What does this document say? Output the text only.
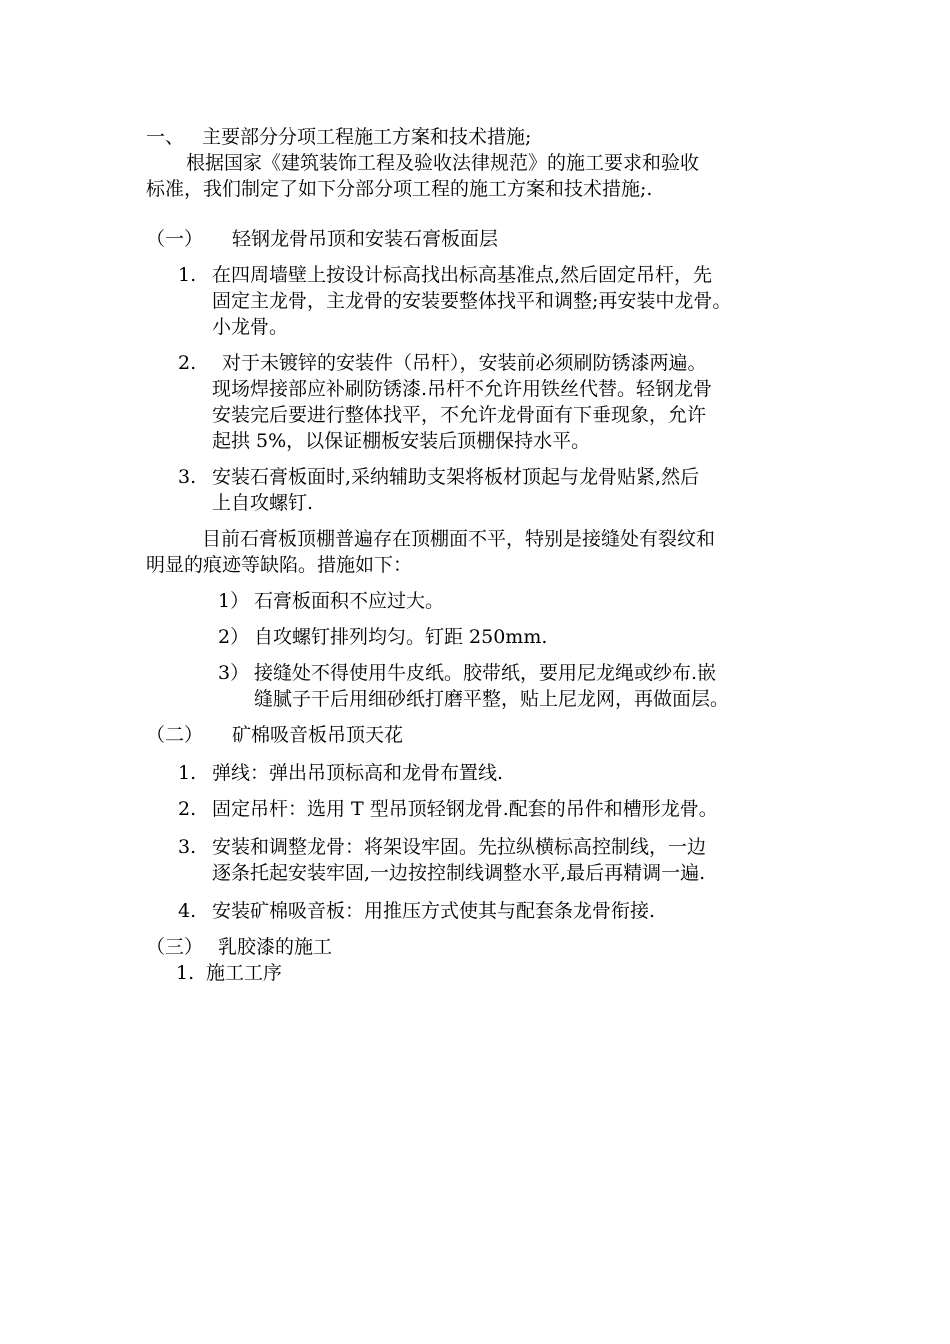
一、 主要部分分项工程施工方案和技术措施;
根据国家《建筑装饰工程及验收法律规范》的施工要求和验收
标准，我们制定了如下分部分项工程的施工方案和技术措施;.
（一） 轻钢龙骨吊顶和安装石膏板面层
1. 在四周墙壁上按设计标高找出标高基准点,然后固定吊杆，先
固定主龙骨，主龙骨的安装要整体找平和调整;再安装中龙骨。
小龙骨。
2. 对于未镀锌的安装件（吊杆），安装前必须刷防锈漆两遍。
现场焊接部应补刷防锈漆.吊杆不允许用铁丝代替。轻钢龙骨
安装完后要进行整体找平，不允许龙骨面有下垂现象，允许
起拱 5%，以保证棚板安装后顶棚保持水平。
3. 安装石膏板面时,采纳辅助支架将板材顶起与龙骨贴紧,然后
上自攻螺钉.
目前石膏板顶棚普遍存在顶棚面不平，特别是接缝处有裂纹和
明显的痕迹等缺陷。措施如下：
1） 石膏板面积不应过大。
2） 自攻螺钉排列均匀。钉距 250mm.
3） 接缝处不得使用牛皮纸。胶带纸，要用尼龙绳或纱布.嵌
缝腻子干后用细砂纸打磨平整，贴上尼龙网，再做面层。
（二） 矿棉吸音板吊顶天花
1. 弹线：弹出吊顶标高和龙骨布置线.
2. 固定吊杆：选用 T 型吊顶轻钢龙骨.配套的吊件和槽形龙骨。
3. 安装和调整龙骨：将架设牢固。先拉纵横标高控制线，一边
逐条托起安装牢固,一边按控制线调整水平,最后再精调一遍.
4. 安装矿棉吸音板：用推压方式使其与配套条龙骨衔接.
（三） 乳胶漆的施工
1. 施工工序
